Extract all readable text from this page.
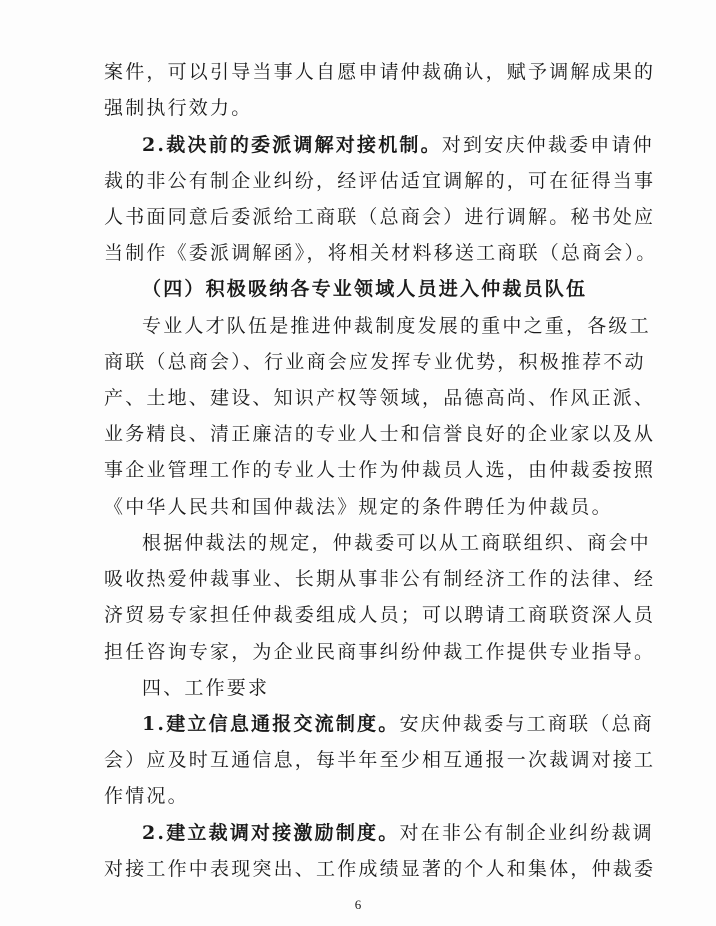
案件，可以引导当事人自愿申请仲裁确认，赋予调解成果的
强制执行效力。
2.裁决前的委派调解对接机制。对到安庆仲裁委申请仲
裁的非公有制企业纠纷，经评估适宜调解的，可在征得当事
人书面同意后委派给工商联（总商会）进行调解。秘书处应
当制作《委派调解函》，将相关材料移送工商联（总商会）。
（四）积极吸纳各专业领域人员进入仲裁员队伍
专业人才队伍是推进仲裁制度发展的重中之重，各级工
商联（总商会）、行业商会应发挥专业优势，积极推荐不动
产、土地、建设、知识产权等领域，品德高尚、作风正派、
业务精良、清正廉洁的专业人士和信誉良好的企业家以及从
事企业管理工作的专业人士作为仲裁员人选，由仲裁委按照
《中华人民共和国仲裁法》规定的条件聘任为仲裁员。
根据仲裁法的规定，仲裁委可以从工商联组织、商会中
吸收热爱仲裁事业、长期从事非公有制经济工作的法律、经
济贸易专家担任仲裁委组成人员；可以聘请工商联资深人员
担任咨询专家，为企业民商事纠纷仲裁工作提供专业指导。
四、工作要求
1.建立信息通报交流制度。安庆仲裁委与工商联（总商
会）应及时互通信息，每半年至少相互通报一次裁调对接工
作情况。
2.建立裁调对接激励制度。对在非公有制企业纠纷裁调
对接工作中表现突出、工作成绩显著的个人和集体，仲裁委
6
